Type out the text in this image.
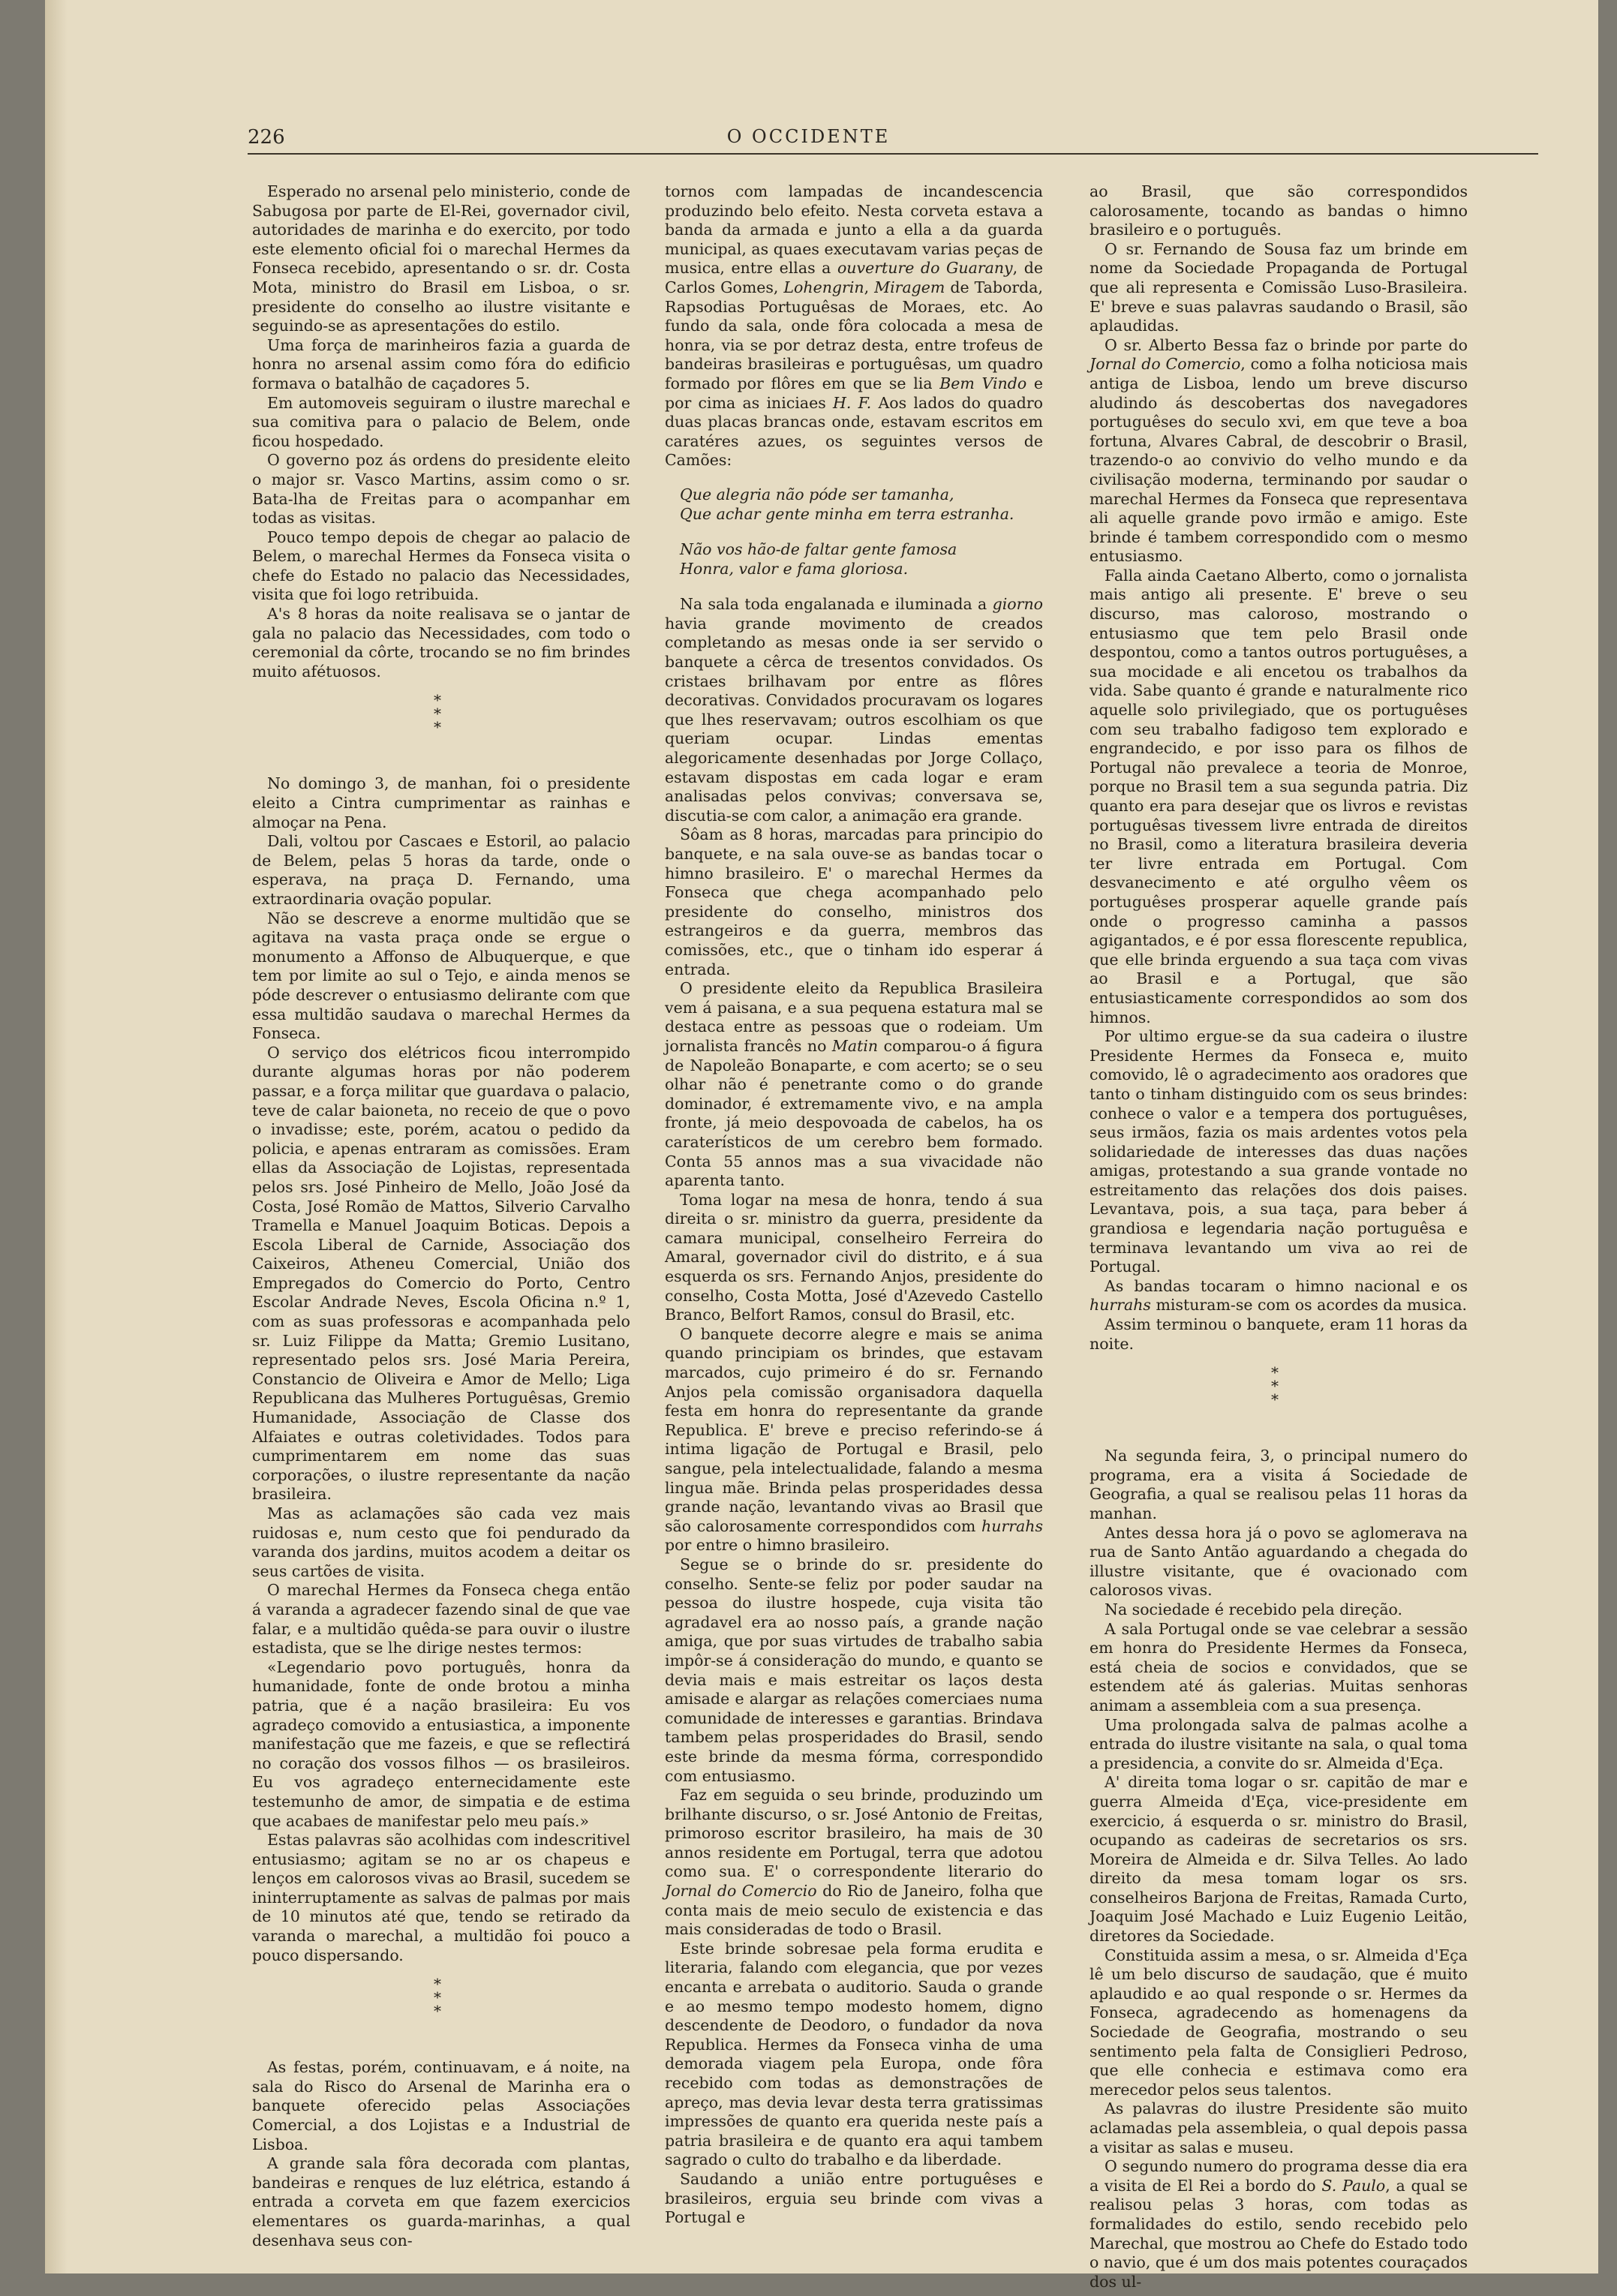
226	O OCCIDENTE

Esperado no arsenal pelo ministerio, conde de Sabugosa por parte de El-Rei, governador civil, autoridades de marinha e do exercito, por todo este elemento oficial foi o marechal Hermes da Fonseca recebido, apresentando o sr. dr. Costa Mota, ministro do Brasil em Lisboa, o sr. presidente do conselho ao ilustre visitante e seguindo-se as apresentações do estilo.

Uma força de marinheiros fazia a guarda de honra no arsenal assim como fóra do edificio formava o batalhão de caçadores 5.

Em automoveis seguiram o ilustre marechal e sua comitiva para o palacio de Belem, onde ficou hospedado.

O governo poz ás ordens do presidente eleito o major sr. Vasco Martins, assim como o sr. Bata-lha de Freitas para o acompanhar em todas as visitas.

Pouco tempo depois de chegar ao palacio de Belem, o marechal Hermes da Fonseca visita o chefe do Estado no palacio das Necessidades, visita que foi logo retribuida.

A's 8 horas da noite realisava se o jantar de gala no palacio das Necessidades, com todo o ceremonial da côrte, trocando se no fim brindes muito afétuosos.

*
*
*

No domingo 3, de manhan, foi o presidente eleito a Cintra cumprimentar as rainhas e almoçar na Pena.

Dali, voltou por Cascaes e Estoril, ao palacio de Belem, pelas 5 horas da tarde, onde o esperava, na praça D. Fernando, uma extraordinaria ovação popular.

Não se descreve a enorme multidão que se agitava na vasta praça onde se ergue o monumento a Affonso de Albuquerque, e que tem por limite ao sul o Tejo, e ainda menos se póde descrever o entusiasmo delirante com que essa multidão saudava o marechal Hermes da Fonseca.

O serviço dos elétricos ficou interrompido durante algumas horas por não poderem passar, e a força militar que guardava o palacio, teve de calar baioneta, no receio de que o povo o invadisse; este, porém, acatou o pedido da policia, e apenas entraram as comissões. Eram ellas da Associação de Lojistas, representada pelos srs. José Pinheiro de Mello, João José da Costa, José Romão de Mattos, Silverio Carvalho Tramella e Manuel Joaquim Boticas. Depois a Escola Liberal de Carnide, Associação dos Caixeiros, Atheneu Comercial, União dos Empregados do Comercio do Porto, Centro Escolar Andrade Neves, Escola Oficina n.º 1, com as suas professoras e acompanhada pelo sr. Luiz Filippe da Matta; Gremio Lusitano, representado pelos srs. José Maria Pereira, Constancio de Oliveira e Amor de Mello; Liga Republicana das Mulheres Portuguêsas, Gremio Humanidade, Associação de Classe dos Alfaiates e outras coletividades. Todos para cumprimentarem em nome das suas corporações, o ilustre representante da nação brasileira.

Mas as aclamações são cada vez mais ruidosas e, num cesto que foi pendurado da varanda dos jardins, muitos acodem a deitar os seus cartões de visita.

O marechal Hermes da Fonseca chega então á varanda a agradecer fazendo sinal de que vae falar, e a multidão quêda-se para ouvir o ilustre estadista, que se lhe dirige nestes termos:

«Legendario povo português, honra da humanidade, fonte de onde brotou a minha patria, que é a nação brasileira: Eu vos agradeço comovido a entusiastica, a imponente manifestação que me fazeis, e que se reflectirá no coração dos vossos filhos — os brasileiros. Eu vos agradeço enternecidamente este testemunho de amor, de simpatia e de estima que acabaes de manifestar pelo meu país.»

Estas palavras são acolhidas com indescritivel entusiasmo; agitam se no ar os chapeus e lenços em calorosos vivas ao Brasil, sucedem se ininterruptamente as salvas de palmas por mais de 10 minutos até que, tendo se retirado da varanda o marechal, a multidão foi pouco a pouco dispersando.

*
*
*

As festas, porém, continuavam, e á noite, na sala do Risco do Arsenal de Marinha era o banquete oferecido pelas Associações Comercial, a dos Lojistas e a Industrial de Lisboa.

A grande sala fôra decorada com plantas, bandeiras e renques de luz elétrica, estando á entrada a corveta em que fazem exercicios elementares os guarda-marinhas, a qual desenhava seus con-

tornos com lampadas de incandescencia produzindo belo efeito. Nesta corveta estava a banda da armada e junto a ella a da guarda municipal, as quaes executavam varias peças de musica, entre ellas a ouverture do Guarany, de Carlos Gomes, Lohengrin, Miragem de Taborda, Rapsodias Portuguêsas de Moraes, etc. Ao fundo da sala, onde fôra colocada a mesa de honra, via se por detraz desta, entre trofeus de bandeiras brasileiras e portuguêsas, um quadro formado por flôres em que se lia Bem Vindo e por cima as iniciaes H. F. Aos lados do quadro duas placas brancas onde, estavam escritos em caratéres azues, os seguintes versos de Camões:

Que alegria não póde ser tamanha,
Que achar gente minha em terra estranha.
Não vos hão-de faltar gente famosa
Honra, valor e fama gloriosa.

Na sala toda engalanada e iluminada a giorno havia grande movimento de creados completando as mesas onde ia ser servido o banquete a cêrca de tresentos convidados. Os cristaes brilhavam por entre as flôres decorativas. Convidados procuravam os logares que lhes reservavam; outros escolhiam os que queriam ocupar. Lindas ementas alegoricamente desenhadas por Jorge Collaço, estavam dispostas em cada logar e eram analisadas pelos convivas; conversava se, discutia-se com calor, a animação era grande.

Sôam as 8 horas, marcadas para principio do banquete, e na sala ouve-se as bandas tocar o himno brasileiro. E' o marechal Hermes da Fonseca que chega acompanhado pelo presidente do conselho, ministros dos estrangeiros e da guerra, membros das comissões, etc., que o tinham ido esperar á entrada.

O presidente eleito da Republica Brasileira vem á paisana, e a sua pequena estatura mal se destaca entre as pessoas que o rodeiam. Um jornalista francês no Matin comparou-o á figura de Napoleão Bonaparte, e com acerto; se o seu olhar não é penetrante como o do grande dominador, é extremamente vivo, e na ampla fronte, já meio despovoada de cabelos, ha os caraterísticos de um cerebro bem formado. Conta 55 annos mas a sua vivacidade não aparenta tanto.

Toma logar na mesa de honra, tendo á sua direita o sr. ministro da guerra, presidente da camara municipal, conselheiro Ferreira do Amaral, governador civil do distrito, e á sua esquerda os srs. Fernando Anjos, presidente do conselho, Costa Motta, José d'Azevedo Castello Branco, Belfort Ramos, consul do Brasil, etc.

O banquete decorre alegre e mais se anima quando principiam os brindes, que estavam marcados, cujo primeiro é do sr. Fernando Anjos pela comissão organisadora daquella festa em honra do representante da grande Republica. E' breve e preciso referindo-se á intima ligação de Portugal e Brasil, pelo sangue, pela intelectualidade, falando a mesma lingua mãe. Brinda pelas prosperidades dessa grande nação, levantando vivas ao Brasil que são calorosamente correspondidos com hurrahs por entre o himno brasileiro.

Segue se o brinde do sr. presidente do conselho. Sente-se feliz por poder saudar na pessoa do ilustre hospede, cuja visita tão agradavel era ao nosso país, a grande nação amiga, que por suas virtudes de trabalho sabia impôr-se á consideração do mundo, e quanto se devia mais e mais estreitar os laços desta amisade e alargar as relações comerciaes numa comunidade de interesses e garantias. Brindava tambem pelas prosperidades do Brasil, sendo este brinde da mesma fórma, correspondido com entusiasmo.

Faz em seguida o seu brinde, produzindo um brilhante discurso, o sr. José Antonio de Freitas, primoroso escritor brasileiro, ha mais de 30 annos residente em Portugal, terra que adotou como sua. E' o correspondente literario do Jornal do Comercio do Rio de Janeiro, folha que conta mais de meio seculo de existencia e das mais consideradas de todo o Brasil.

Este brinde sobresae pela forma erudita e literaria, falando com elegancia, que por vezes encanta e arrebata o auditorio. Sauda o grande e ao mesmo tempo modesto homem, digno descendente de Deodoro, o fundador da nova Republica. Hermes da Fonseca vinha de uma demorada viagem pela Europa, onde fôra recebido com todas as demonstrações de apreço, mas devia levar desta terra gratissimas impressões de quanto era querida neste país a patria brasileira e de quanto era aqui tambem sagrado o culto do trabalho e da liberdade.

Saudando a união entre portuguêses e brasileiros, erguia seu brinde com vivas a Portugal e

ao Brasil, que são correspondidos calorosamente, tocando as bandas o himno brasileiro e o português.

O sr. Fernando de Sousa faz um brinde em nome da Sociedade Propaganda de Portugal que ali representa e Comissão Luso-Brasileira. E' breve e suas palavras saudando o Brasil, são aplaudidas.

O sr. Alberto Bessa faz o brinde por parte do Jornal do Comercio, como a folha noticiosa mais antiga de Lisboa, lendo um breve discurso aludindo ás descobertas dos navegadores portuguêses do seculo xvi, em que teve a boa fortuna, Alvares Cabral, de descobrir o Brasil, trazendo-o ao convivio do velho mundo e da civilisação moderna, terminando por saudar o marechal Hermes da Fonseca que representava ali aquelle grande povo irmão e amigo. Este brinde é tambem correspondido com o mesmo entusiasmo.

Falla ainda Caetano Alberto, como o jornalista mais antigo ali presente. E' breve o seu discurso, mas caloroso, mostrando o entusiasmo que tem pelo Brasil onde despontou, como a tantos outros portuguêses, a sua mocidade e ali encetou os trabalhos da vida. Sabe quanto é grande e naturalmente rico aquelle solo privilegiado, que os portuguêses com seu trabalho fadigoso tem explorado e engrandecido, e por isso para os filhos de Portugal não prevalece a teoria de Monroe, porque no Brasil tem a sua segunda patria. Diz quanto era para desejar que os livros e revistas portuguêsas tivessem livre entrada de direitos no Brasil, como a literatura brasileira deveria ter livre entrada em Portugal. Com desvanecimento e até orgulho vêem os portuguêses prosperar aquelle grande país onde o progresso caminha a passos agigantados, e é por essa florescente republica, que elle brinda erguendo a sua taça com vivas ao Brasil e a Portugal, que são entusiasticamente correspondidos ao som dos himnos.

Por ultimo ergue-se da sua cadeira o ilustre Presidente Hermes da Fonseca e, muito comovido, lê o agradecimento aos oradores que tanto o tinham distinguido com os seus brindes: conhece o valor e a tempera dos portuguêses, seus irmãos, fazia os mais ardentes votos pela solidariedade de interesses das duas nações amigas, protestando a sua grande vontade no estreitamento das relações dos dois paises. Levantava, pois, a sua taça, para beber á grandiosa e legendaria nação portuguêsa e terminava levantando um viva ao rei de Portugal.

As bandas tocaram o himno nacional e os hurrahs misturam-se com os acordes da musica.

Assim terminou o banquete, eram 11 horas da noite.

*
*
*

Na segunda feira, 3, o principal numero do programa, era a visita á Sociedade de Geografia, a qual se realisou pelas 11 horas da manhan.

Antes dessa hora já o povo se aglomerava na rua de Santo Antão aguardando a chegada do illustre visitante, que é ovacionado com calorosos vivas.

Na sociedade é recebido pela direção.

A sala Portugal onde se vae celebrar a sessão em honra do Presidente Hermes da Fonseca, está cheia de socios e convidados, que se estendem até ás galerias. Muitas senhoras animam a assembleia com a sua presença.

Uma prolongada salva de palmas acolhe a entrada do ilustre visitante na sala, o qual toma a presidencia, a convite do sr. Almeida d'Eça.

A' direita toma logar o sr. capitão de mar e guerra Almeida d'Eça, vice-presidente em exercicio, á esquerda o sr. ministro do Brasil, ocupando as cadeiras de secretarios os srs. Moreira de Almeida e dr. Silva Telles. Ao lado direito da mesa tomam logar os srs. conselheiros Barjona de Freitas, Ramada Curto, Joaquim José Machado e Luiz Eugenio Leitão, diretores da Sociedade.

Constituida assim a mesa, o sr. Almeida d'Eça lê um belo discurso de saudação, que é muito aplaudido e ao qual responde o sr. Hermes da Fonseca, agradecendo as homenagens da Sociedade de Geografia, mostrando o seu sentimento pela falta de Consiglieri Pedroso, que elle conhecia e estimava como era merecedor pelos seus talentos.

As palavras do ilustre Presidente são muito aclamadas pela assembleia, o qual depois passa a visitar as salas e museu.

O segundo numero do programa desse dia era a visita de El Rei a bordo do S. Paulo, a qual se realisou pelas 3 horas, com todas as formalidades do estilo, sendo recebido pelo Marechal, que mostrou ao Chefe do Estado todo o navio, que é um dos mais potentes couraçados dos ul-
